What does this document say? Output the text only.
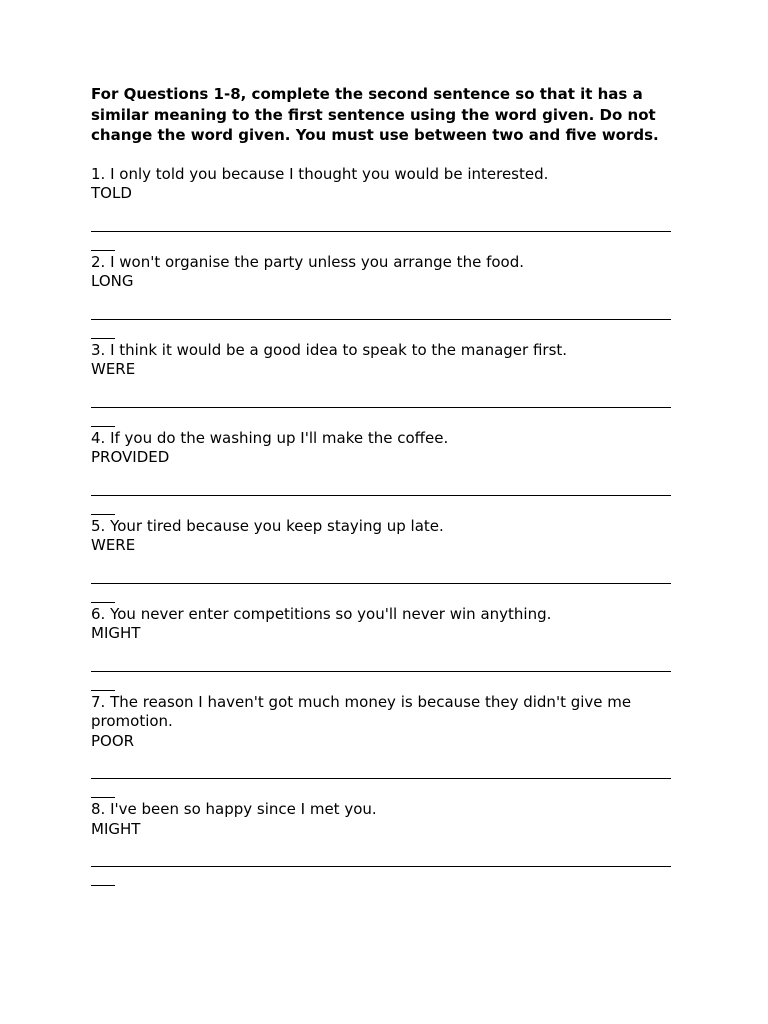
For Questions 1-8, complete the second sentence so that it has a similar meaning to the first sentence using the word given. Do not change the word given. You must use between two and five words.

1. I only told you because I thought you would be interested.
TOLD
2. I won't organise the party unless you arrange the food.
LONG
3. I think it would be a good idea to speak to the manager first.
WERE
4. If you do the washing up I'll make the coffee.
PROVIDED
5. Your tired because you keep staying up late.
WERE
6. You never enter competitions so you'll never win anything.
MIGHT
7. The reason I haven't got much money is because they didn't give me promotion.
POOR
8. I've been so happy since I met you.
MIGHT
